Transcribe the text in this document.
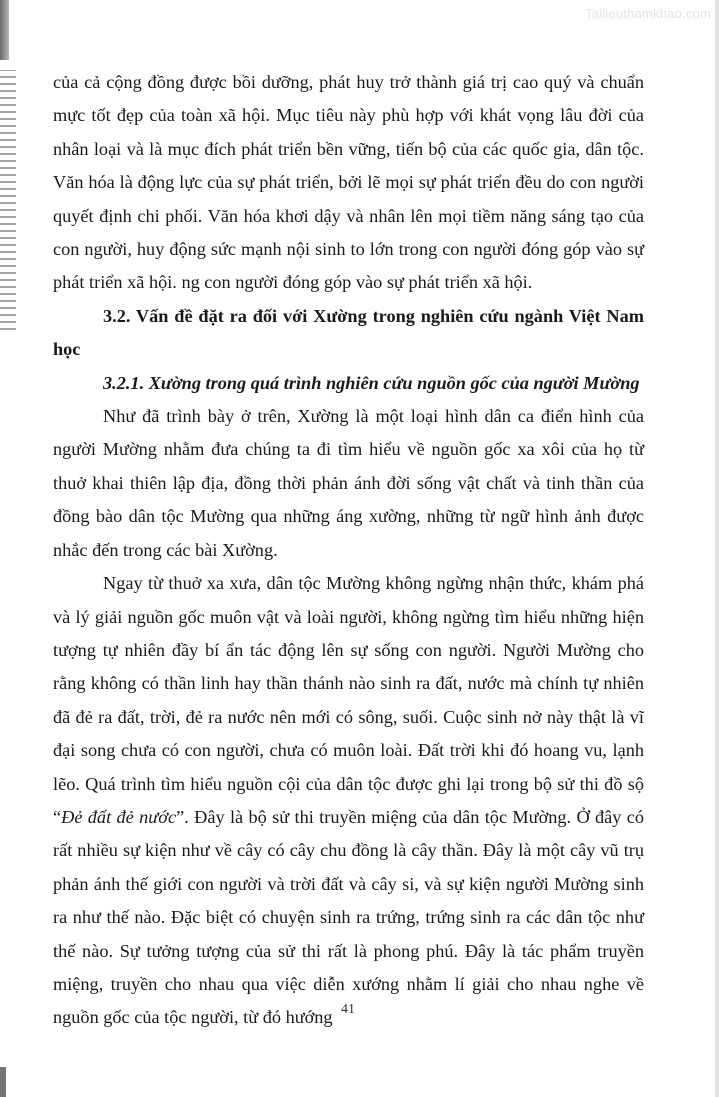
Tailieuthamkhao.com

của cả cộng đồng được bồi dưỡng, phát huy trở thành giá trị cao quý và chuẩn mực tốt đẹp của toàn xã hội. Mục tiêu này phù hợp với khát vọng lâu đời của nhân loại và là mục đích phát triển bền vững, tiến bộ của các quốc gia, dân tộc. Văn hóa là động lực của sự phát triển, bởi lẽ mọi sự phát triển đều do con người quyết định chi phối. Văn hóa khơi dậy và nhân lên mọi tiềm năng sáng tạo của con người, huy động sức mạnh nội sinh to lớn trong con người đóng góp vào sự phát triển xã hội. ng con người đóng góp vào sự phát triển xã hội.

3.2. Vấn đề đặt ra đối với Xường trong nghiên cứu ngành Việt Nam học

3.2.1. Xường trong quá trình nghiên cứu nguồn gốc của người Mường

Như đã trình bày ở trên, Xường là một loại hình dân ca điển hình của người Mường nhằm đưa chúng ta đi tìm hiểu về nguồn gốc xa xôi của họ từ thuở khai thiên lập địa, đồng thời phản ánh đời sống vật chất và tinh thần của đồng bào dân tộc Mường qua những áng xường, những từ ngữ hình ảnh được nhắc đến trong các bài Xường.

Ngay từ thuở xa xưa, dân tộc Mường không ngừng nhận thức, khám phá và lý giải nguồn gốc muôn vật và loài người, không ngừng tìm hiểu những hiện tượng tự nhiên đầy bí ẩn tác động lên sự sống con người. Người Mường cho rằng không có thần linh hay thần thánh nào sinh ra đất, nước mà chính tự nhiên đã đẻ ra đất, trời, đẻ ra nước nên mới có sông, suối. Cuộc sinh nở này thật là vĩ đại song chưa có con người, chưa có muôn loài. Đất trời khi đó hoang vu, lạnh lẽo. Quá trình tìm hiểu nguồn cội của dân tộc được ghi lại trong bộ sử thi đồ sộ “Đẻ đất đẻ nước”. Đây là bộ sử thi truyền miệng của dân tộc Mường. Ở đây có rất nhiều sự kiện như về cây có cây chu đồng là cây thần. Đây là một cây vũ trụ phản ánh thế giới con người và trời đất và cây si, và sự kiện người Mường sinh ra như thế nào. Đặc biệt có chuyện sinh ra trứng, trứng sinh ra các dân tộc như thế nào. Sự tưởng tượng của sử thi rất là phong phú. Đây là tác phẩm truyền miệng, truyền cho nhau qua việc diễn xướng nhằm lí giải cho nhau nghe về nguồn gốc của tộc người, từ đó hướng 41
